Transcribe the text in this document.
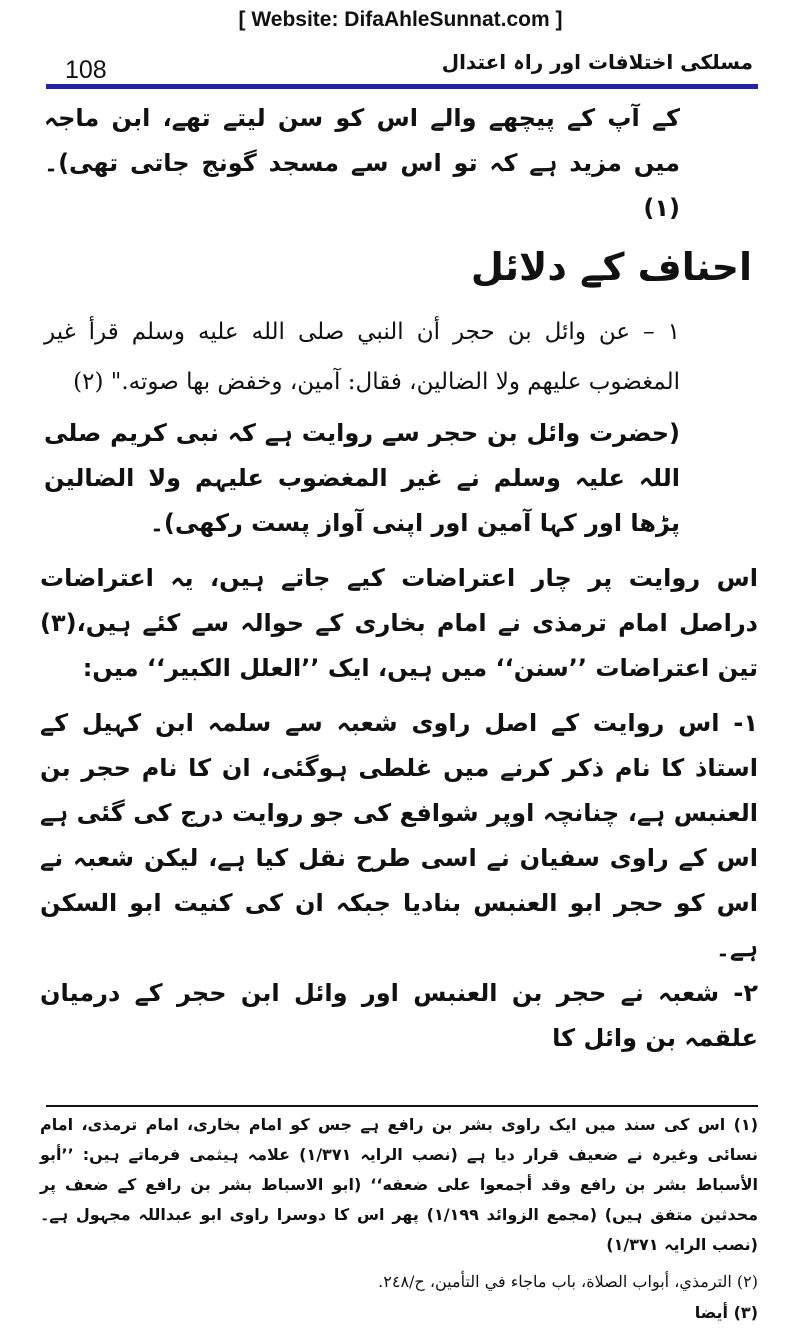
[ Website: DifaAhleSunnat.com ]
108	مسلکی اختلافات اور راہ اعتدال

کے آپ کے پیچھے والے اس کو سن لیتے تھے، ابن ماجہ میں مزید ہے کہ تو اس سے مسجد گونج جاتی تھی)۔(۱)

احناف کے دلائل

١ – عن وائل بن حجر أن النبي صلى الله عليه وسلم قرأ غير المغضوب عليهم ولا الضالين، فقال: آمين، وخفض بها صوته." (٢)

(حضرت وائل بن حجر سے روایت ہے کہ نبی کریم صلی اللہ علیہ وسلم نے غیر المغضوب علیہم ولا الضالین پڑھا اور کہا آمین اور اپنی آواز پست رکھی)۔

اس روایت پر چار اعتراضات کیے جاتے ہیں، یہ اعتراضات دراصل امام ترمذی نے امام بخاری کے حوالہ سے کئے ہیں،(۳) تین اعتراضات ’’سنن‘‘ میں ہیں، ایک ’’العلل الکبیر‘‘ میں:

۱- اس روایت کے اصل راوی شعبہ سے سلمہ ابن کہیل کے استاذ کا نام ذکر کرنے میں غلطی ہوگئی، ان کا نام حجر بن العنبس ہے، چنانچہ اوپر شوافع کی جو روایت درج کی گئی ہے اس کے راوی سفیان نے اسی طرح نقل کیا ہے، لیکن شعبہ نے اس کو حجر ابو العنبس بنادیا جبکہ ان کی کنیت ابو السکن ہے۔

۲- شعبہ نے حجر بن العنبس اور وائل ابن حجر کے درمیان علقمہ بن وائل کا

(۱) اس کی سند میں ایک راوی بشر بن رافع ہے جس کو امام بخاری، امام ترمذی، امام نسائی وغیرہ نے ضعیف قرار دیا ہے (نصب الرایہ ۱/۳۷۱) علامہ ہیثمی فرماتے ہیں: ’’أبو الأسباط بشر بن رافع وقد أجمعوا على ضعفه‘‘ (ابو الاسباط بشر بن رافع کے ضعف پر محدثین متفق ہیں) (مجمع الزوائد ۱/۱۹۹) پھر اس کا دوسرا راوی ابو عبداللہ مجہول ہے۔(نصب الرایہ ۱/۳۷۱)

(٢) الترمذي، أبواب الصلاة، باب ماجاء في التأمين، ح/٢٤٨.

(۳) أيضا
